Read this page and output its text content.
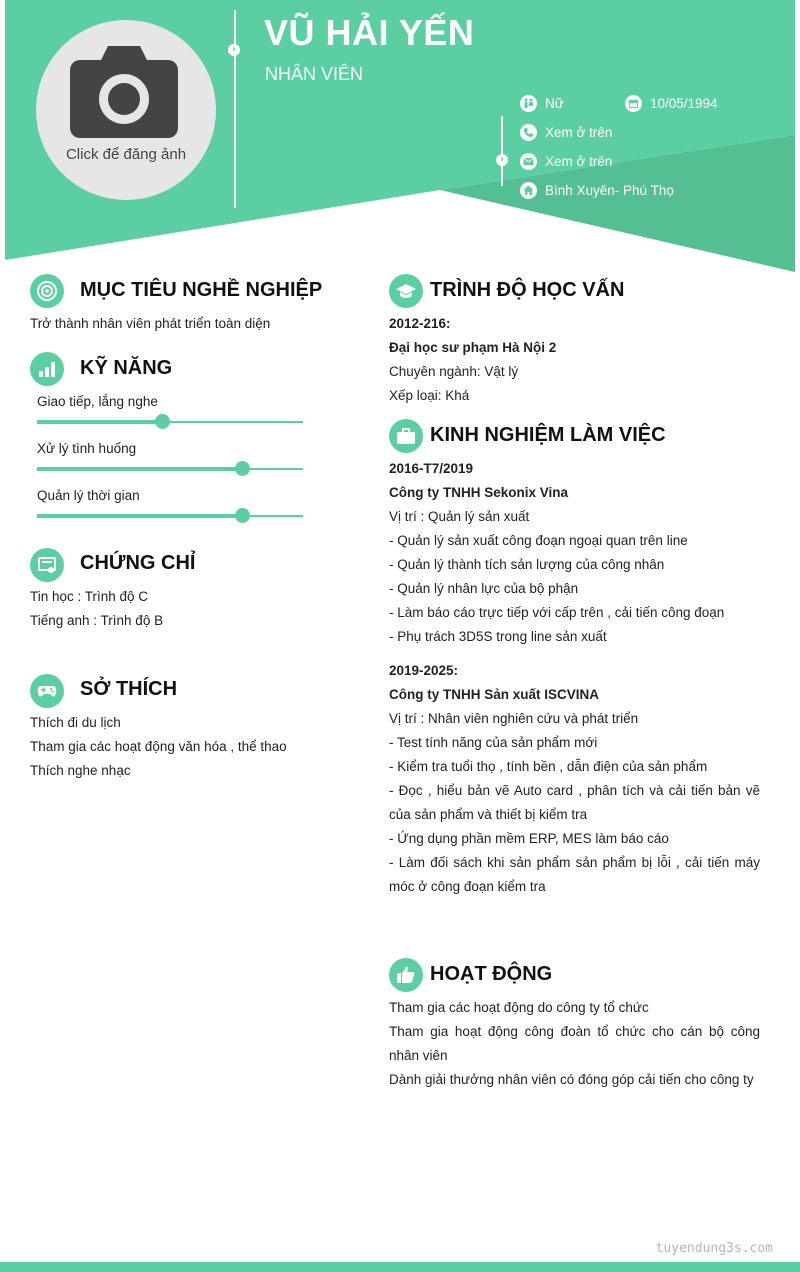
Click để đăng ảnh
›
›
VŨ HẢI YẾN
NHÂN VIÊN
Nữ	10/05/1994
Xem ở trên
Xem ở trên
Bình Xuyên- Phú Thọ
MỤC TIÊU NGHỀ NGHIỆP
Trở thành nhân viên phát triển toàn diện
KỸ NĂNG
Giao tiếp, lắng nghe
Xử lý tình huống
Quản lý thời gian
CHỨNG CHỈ
Tin học : Trình độ C
Tiếng anh : Trình độ B
SỞ THÍCH
Thích đi du lịch
Tham gia các hoạt động văn hóa , thể thao
Thích nghe nhạc
TRÌNH ĐỘ HỌC VẤN
2012-216:
Đại học sư phạm Hà Nội 2
Chuyên ngành: Vật lý
Xếp loại: Khá
KINH NGHIỆM LÀM VIỆC
2016-T7/2019
Công ty TNHH Sekonix Vina
Vị trí : Quản lý sản xuất
- Quản lý sản xuất công đoạn ngoại quan trên line
- Quản lý thành tích sản lượng của công nhân
- Quản lý nhân lực của bộ phận
- Làm báo cáo trực tiếp với cấp trên , cải tiến công đoạn
- Phụ trách 3D5S trong line sản xuất
2019-2025:
Công ty TNHH Sản xuất ISCVINA
Vị trí : Nhân viên nghiên cứu và phát triển
- Test tính năng của sản phẩm mới
- Kiểm tra tuổi thọ , tính bền , dẫn điện của sản phẩm
- Đọc , hiểu bản vẽ Auto card , phân tích và cải tiến bản vẽ của sản phẩm và thiết bị kiểm tra
- Ứng dụng phần mềm ERP, MES làm báo cáo
- Làm đối sách khi sản phẩm sản phẩm bị lỗi , cải tiến máy móc ở công đoạn kiểm tra
HOẠT ĐỘNG
Tham gia các hoạt động do công ty tổ chức
Tham gia hoạt động công đoàn tổ chức cho cán bộ công nhân viên
Dành giải thưởng nhân viên có đóng góp cải tiến cho công ty
tuyendung3s.com
